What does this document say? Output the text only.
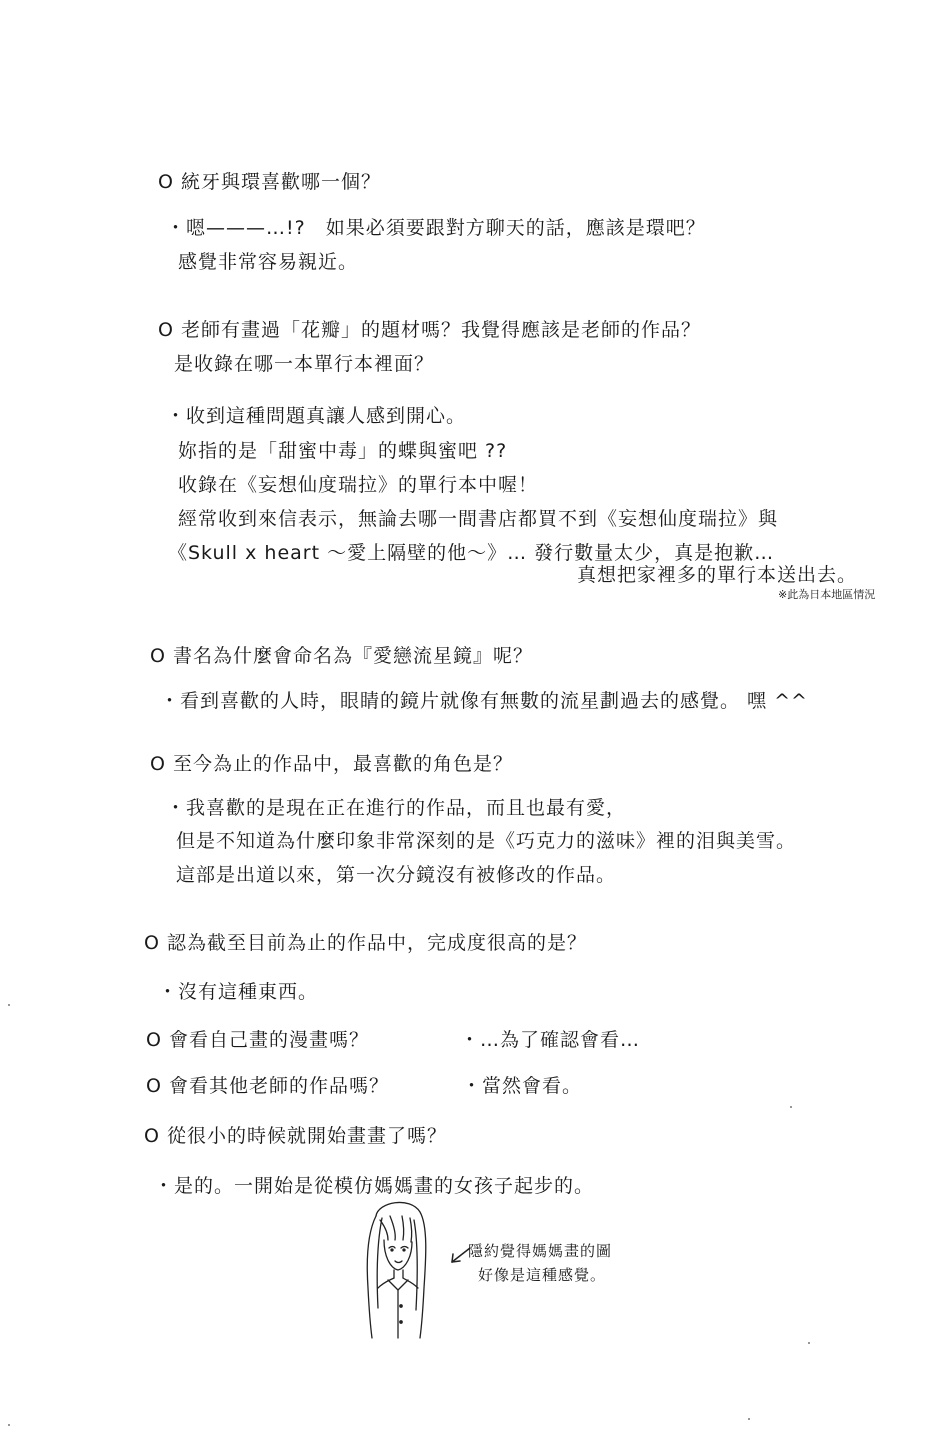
O 統牙與環喜歡哪一個？
・嗯———…!?　如果必須要跟對方聊天的話，應該是環吧？
感覺非常容易親近。
O 老師有畫過「花瓣」的題材嗎？我覺得應該是老師的作品？
是收錄在哪一本單行本裡面？
・收到這種問題真讓人感到開心。
妳指的是「甜蜜中毒」的蝶與蜜吧 ??
收錄在《妄想仙度瑞拉》的單行本中喔！
經常收到來信表示，無論去哪一間書店都買不到《妄想仙度瑞拉》與
《Skull x heart ～愛上隔壁的他～》… 發行數量太少，真是抱歉…
真想把家裡多的單行本送出去。
※此為日本地區情況
O 書名為什麼會命名為『愛戀流星鏡』呢？
・看到喜歡的人時，眼睛的鏡片就像有無數的流星劃過去的感覺。 嘿 ^^
O 至今為止的作品中，最喜歡的角色是？
・我喜歡的是現在正在進行的作品，而且也最有愛，
但是不知道為什麼印象非常深刻的是《巧克力的滋味》裡的泪與美雪。
這部是出道以來，第一次分鏡沒有被修改的作品。
O 認為截至目前為止的作品中，完成度很高的是？
・沒有這種東西。
O 會看自己畫的漫畫嗎？	・…為了確認會看…
O 會看其他老師的作品嗎？	・當然會看。
O 從很小的時候就開始畫畫了嗎？
・是的。一開始是從模仿媽媽畫的女孩子起步的。
隱約覺得媽媽畫的圖
好像是這種感覺。
